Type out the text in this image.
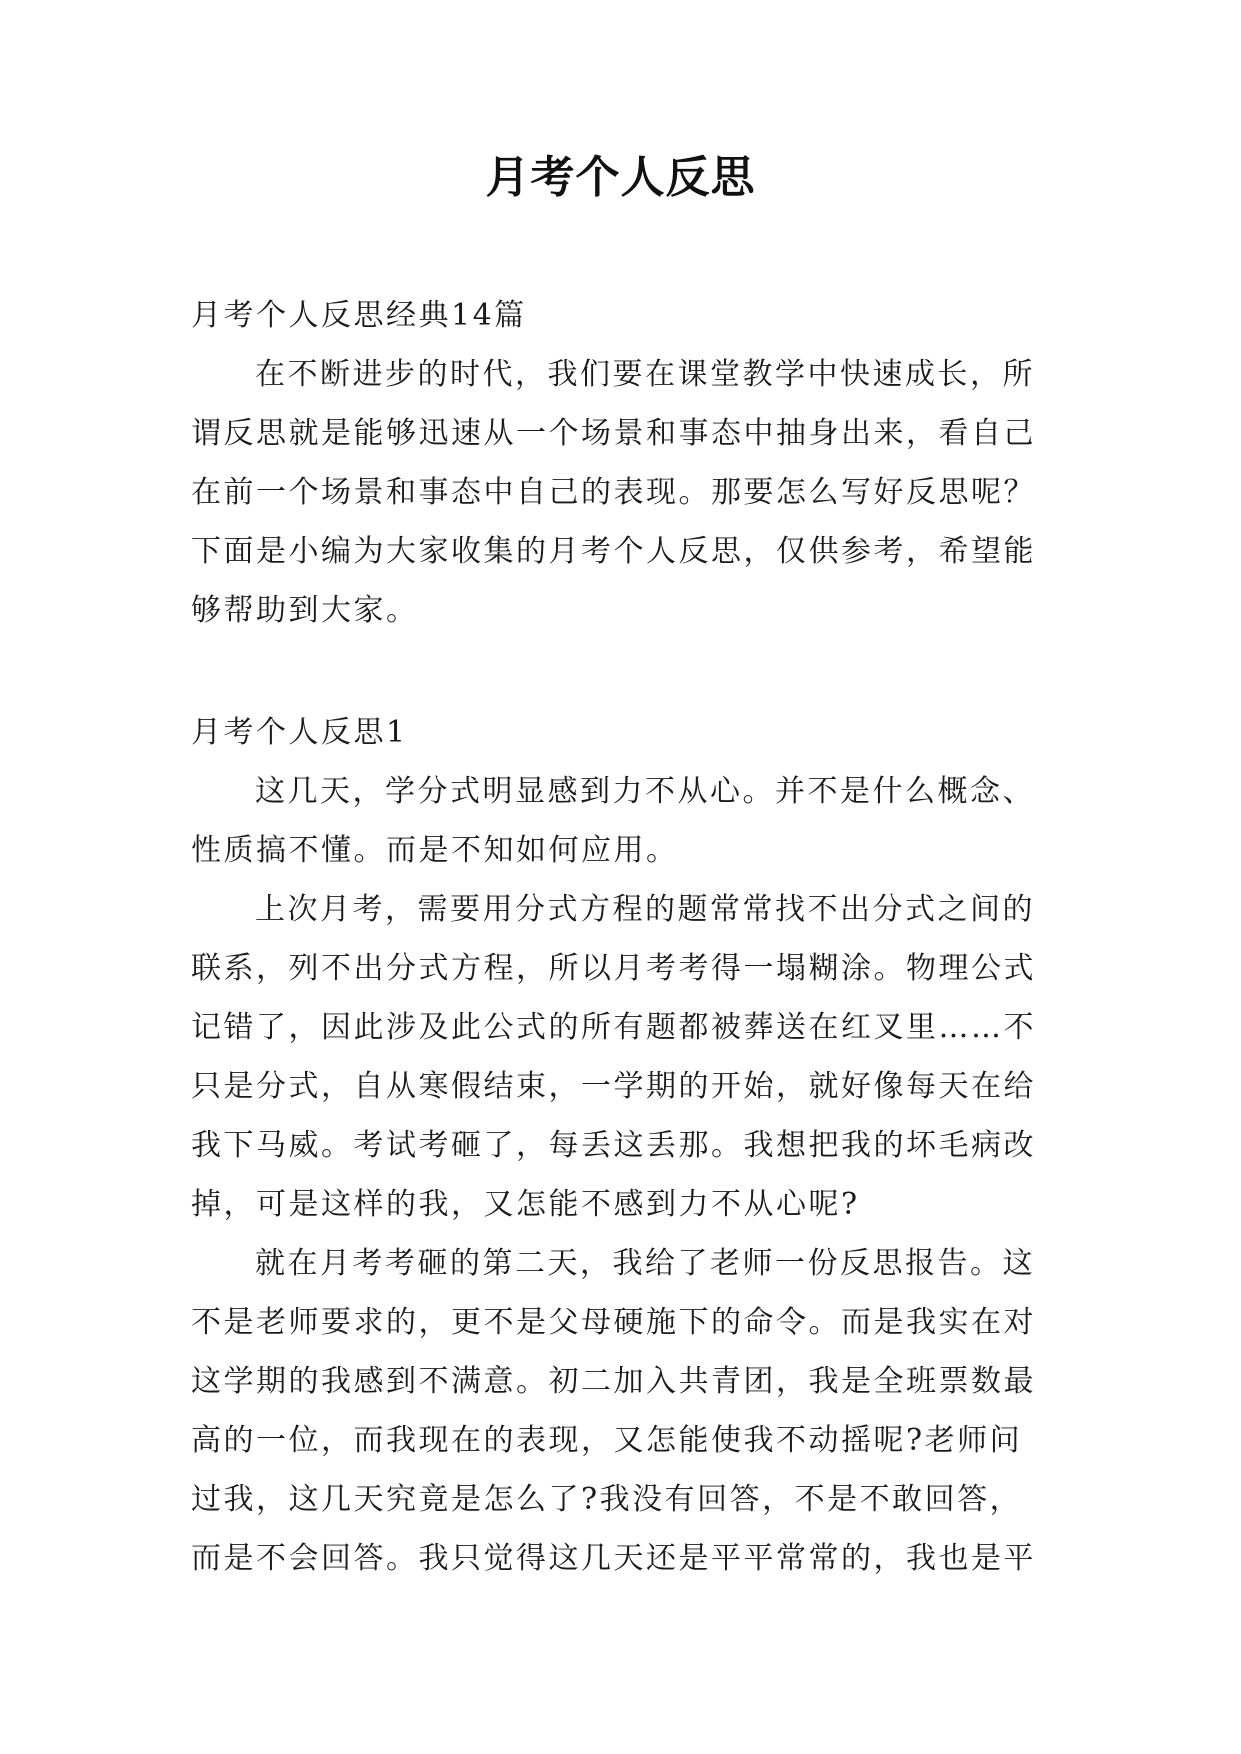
月考个人反思
月考个人反思经典14篇
在不断进步的时代，我们要在课堂教学中快速成长，所
谓反思就是能够迅速从一个场景和事态中抽身出来，看自己
在前一个场景和事态中自己的表现。那要怎么写好反思呢？
下面是小编为大家收集的月考个人反思，仅供参考，希望能
够帮助到大家。
月考个人反思1
这几天，学分式明显感到力不从心。并不是什么概念、
性质搞不懂。而是不知如何应用。
上次月考，需要用分式方程的题常常找不出分式之间的
联系，列不出分式方程，所以月考考得一塌糊涂。物理公式
记错了，因此涉及此公式的所有题都被葬送在红叉里……不
只是分式，自从寒假结束，一学期的开始，就好像每天在给
我下马威。考试考砸了，每丢这丢那。我想把我的坏毛病改
掉，可是这样的我，又怎能不感到力不从心呢?
就在月考考砸的第二天，我给了老师一份反思报告。这
不是老师要求的，更不是父母硬施下的命令。而是我实在对
这学期的我感到不满意。初二加入共青团，我是全班票数最
高的一位，而我现在的表现，又怎能使我不动摇呢?老师问
过我，这几天究竟是怎么了?我没有回答，不是不敢回答，
而是不会回答。我只觉得这几天还是平平常常的，我也是平
